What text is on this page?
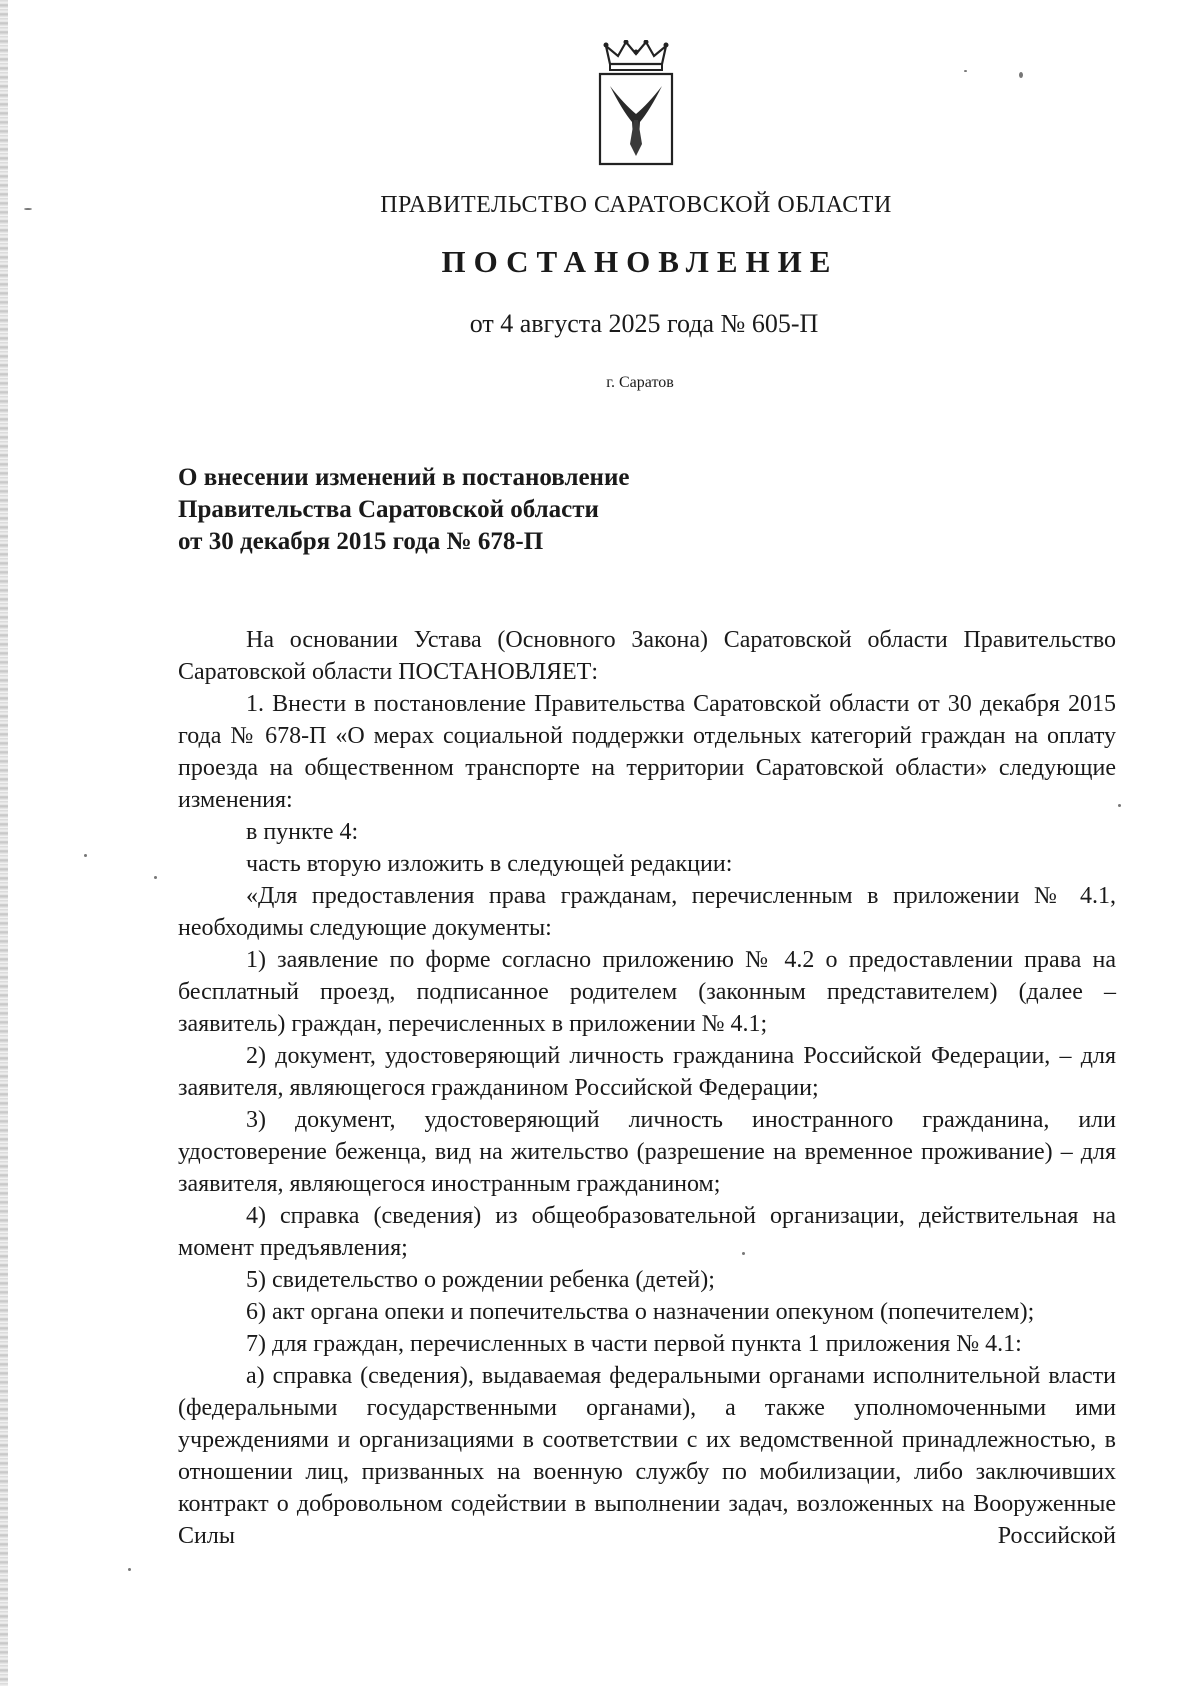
ПРАВИТЕЛЬСТВО САРАТОВСКОЙ ОБЛАСТИ
ПОСТАНОВЛЕНИЕ
от 4 августа 2025 года № 605-П
г. Саратов
О внесении изменений в постановление
Правительства Саратовской области
от 30 декабря 2015 года № 678-П

На основании Устава (Основного Закона) Саратовской области Правительство Саратовской области ПОСТАНОВЛЯЕТ:

1. Внести в постановление Правительства Саратовской области от 30 декабря 2015 года № 678-П «О мерах социальной поддержки отдельных категорий граждан на оплату проезда на общественном транспорте на территории Саратовской области» следующие изменения:

в пункте 4:

часть вторую изложить в следующей редакции:

«Для предоставления права гражданам, перечисленным в приложении № 4.1, необходимы следующие документы:

1) заявление по форме согласно приложению № 4.2 о предоставлении права на бесплатный проезд, подписанное родителем (законным представителем) (далее – заявитель) граждан, перечисленных в приложении № 4.1;

2) документ, удостоверяющий личность гражданина Российской Федерации, – для заявителя, являющегося гражданином Российской Федерации;

3) документ, удостоверяющий личность иностранного гражданина, или удостоверение беженца, вид на жительство (разрешение на временное проживание) – для заявителя, являющегося иностранным гражданином;

4) справка (сведения) из общеобразовательной организации, действительная на момент предъявления;

5) свидетельство о рождении ребенка (детей);

6) акт органа опеки и попечительства о назначении опекуном (попечителем);

7) для граждан, перечисленных в части первой пункта 1 приложения № 4.1:

а) справка (сведения), выдаваемая федеральными органами исполнительной власти (федеральными государственными органами), а также уполномоченными ими учреждениями и организациями в соответствии с их ведомственной принадлежностью, в отношении лиц, призванных на военную службу по мобилизации, либо заключивших контракт о добровольном содействии в выполнении задач, возложенных на Вооруженные Силы Российской
